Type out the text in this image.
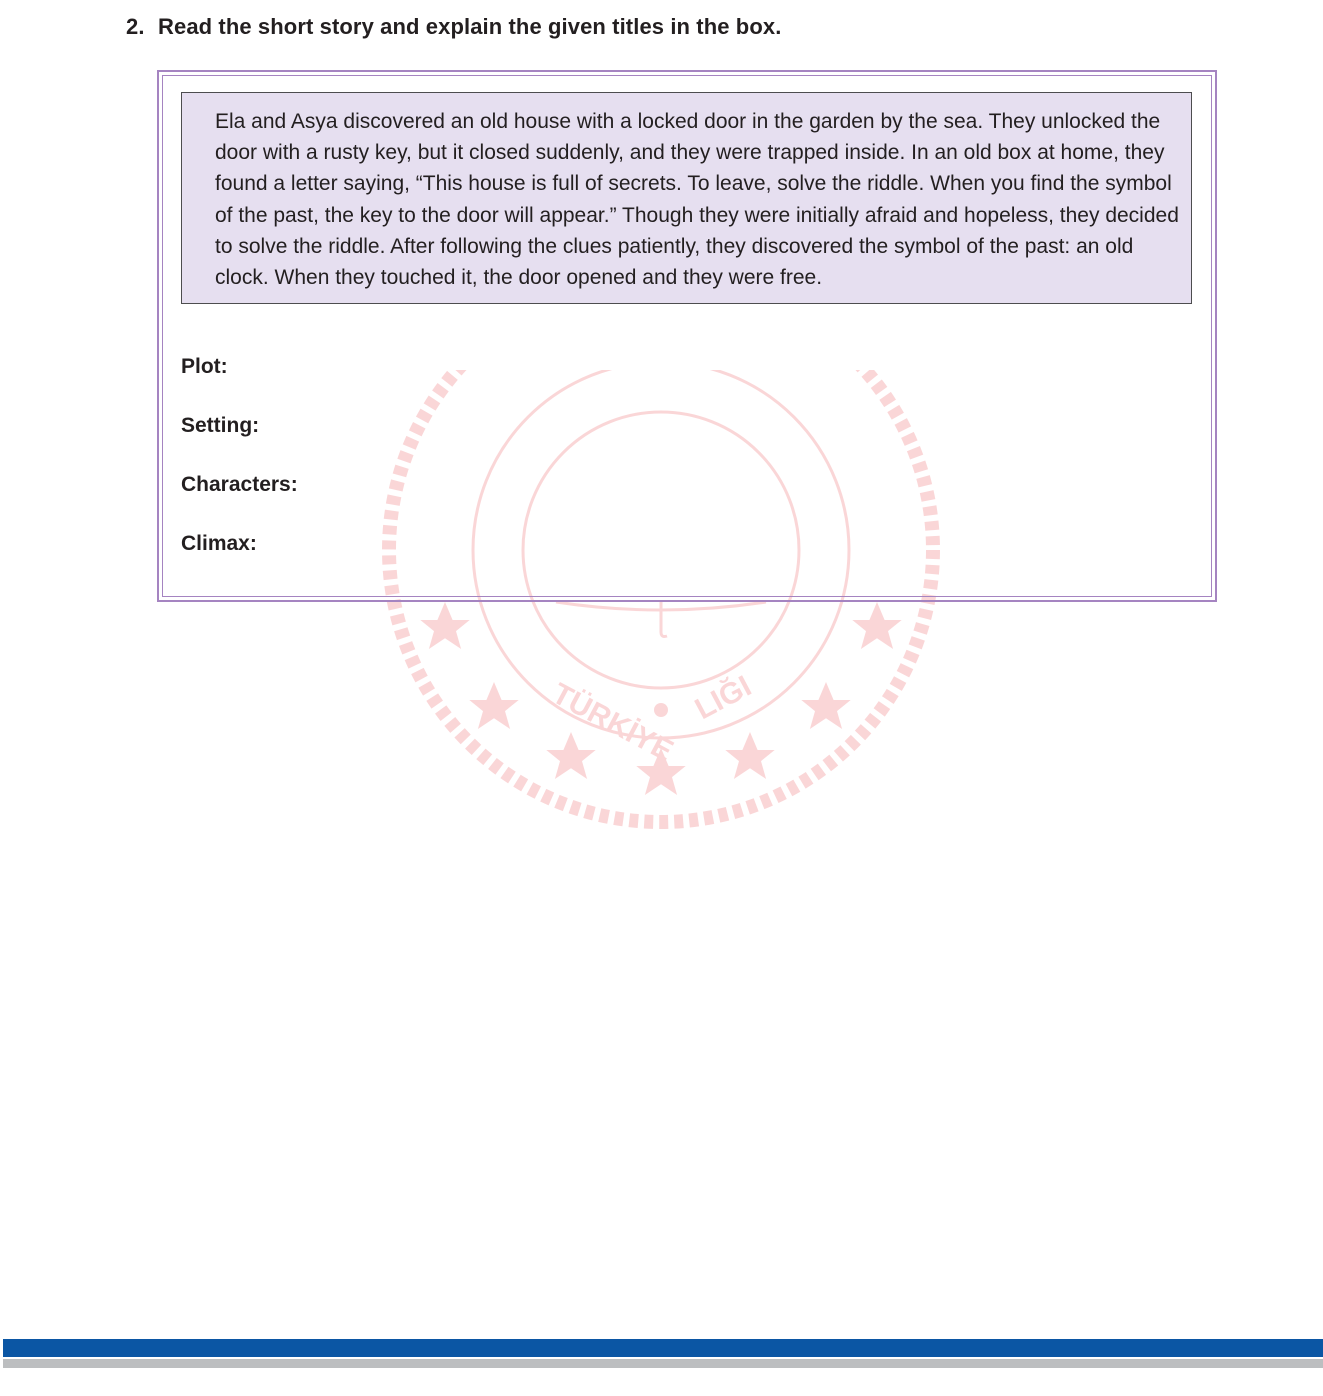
2. Read the short story and explain the given titles in the box.
TÜRKİYE LIĞI

Ela and Asya discovered an old house with a locked door in the garden by the sea. They unlocked the door with a rusty key, but it closed suddenly, and they were trapped inside. In an old box at home, they found a letter saying, “This house is full of secrets. To leave, solve the riddle. When you find the symbol of the past, the key to the door will appear.” Though they were initially afraid and hopeless, they decided to solve the riddle. After following the clues patiently, they discovered the symbol of the past: an old clock. When they touched it, the door opened and they were free.

Plot:
Setting:
Characters:
Climax:
